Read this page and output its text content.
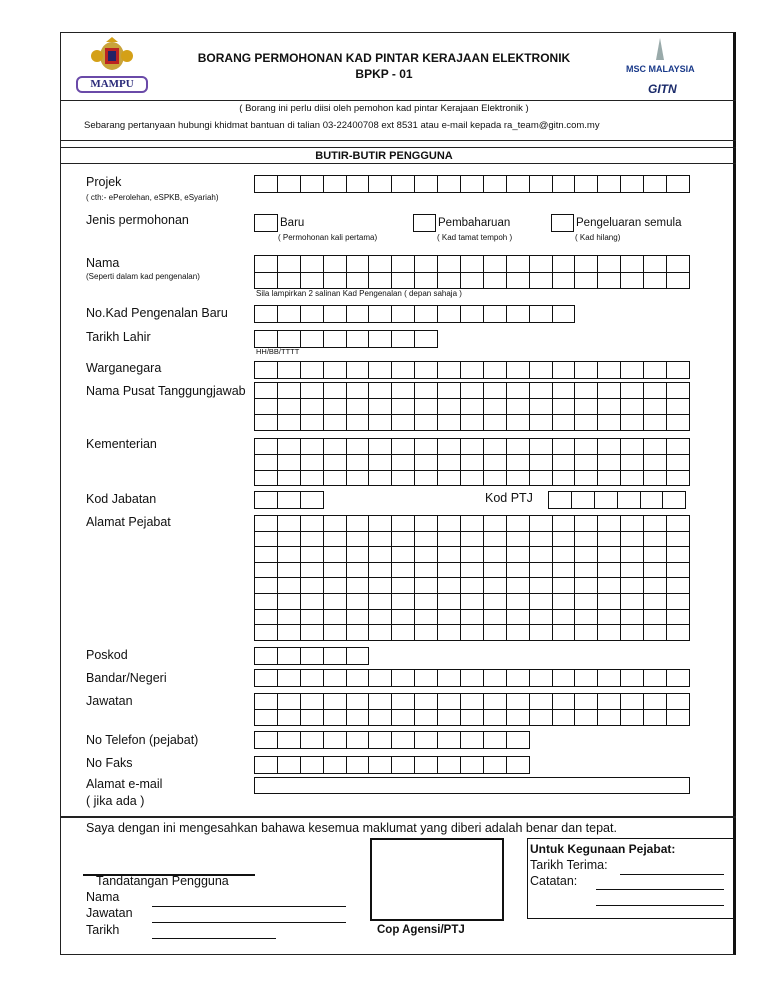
MAMPU
MSC MALAYSIA
GITN
BORANG PERMOHONAN KAD PINTAR KERAJAAN ELEKTRONIK
BPKP - 01
( Borang ini perlu diisi oleh pemohon kad pintar Kerajaan Elektronik )
Sebarang pertanyaan hubungi khidmat bantuan di talian 03-22400708 ext 8531 atau e-mail kepada ra_team@gitn.com.my
BUTIR-BUTIR PENGGUNA
Projek
( cth:- ePerolehan, eSPKB, eSyariah)
Jenis permohonan	Baru
( Permohonan kali pertama)
Pembaharuan
( Kad tamat tempoh )
Pengeluaran semula
( Kad hilang)
Nama
(Seperti dalam kad pengenalan)
Sila lampirkan 2 salinan Kad Pengenalan ( depan sahaja )
No.Kad Pengenalan Baru
Tarikh Lahir
HH/BB/TTTT
Warganegara
Nama Pusat Tanggungjawab
Kementerian
Kod Jabatan	Kod PTJ
Alamat Pejabat
Poskod
Bandar/Negeri
Jawatan
No Telefon (pejabat)
No Faks
Alamat e-mail
( jika ada )
Saya dengan ini mengesahkan bahawa kesemua maklumat yang diberi adalah benar dan tepat.
Tandatangan Pengguna
Nama
Jawatan
Tarikh	Cop Agensi/PTJ
Untuk Kegunaan Pejabat:
Tarikh Terima:
Catatan:
